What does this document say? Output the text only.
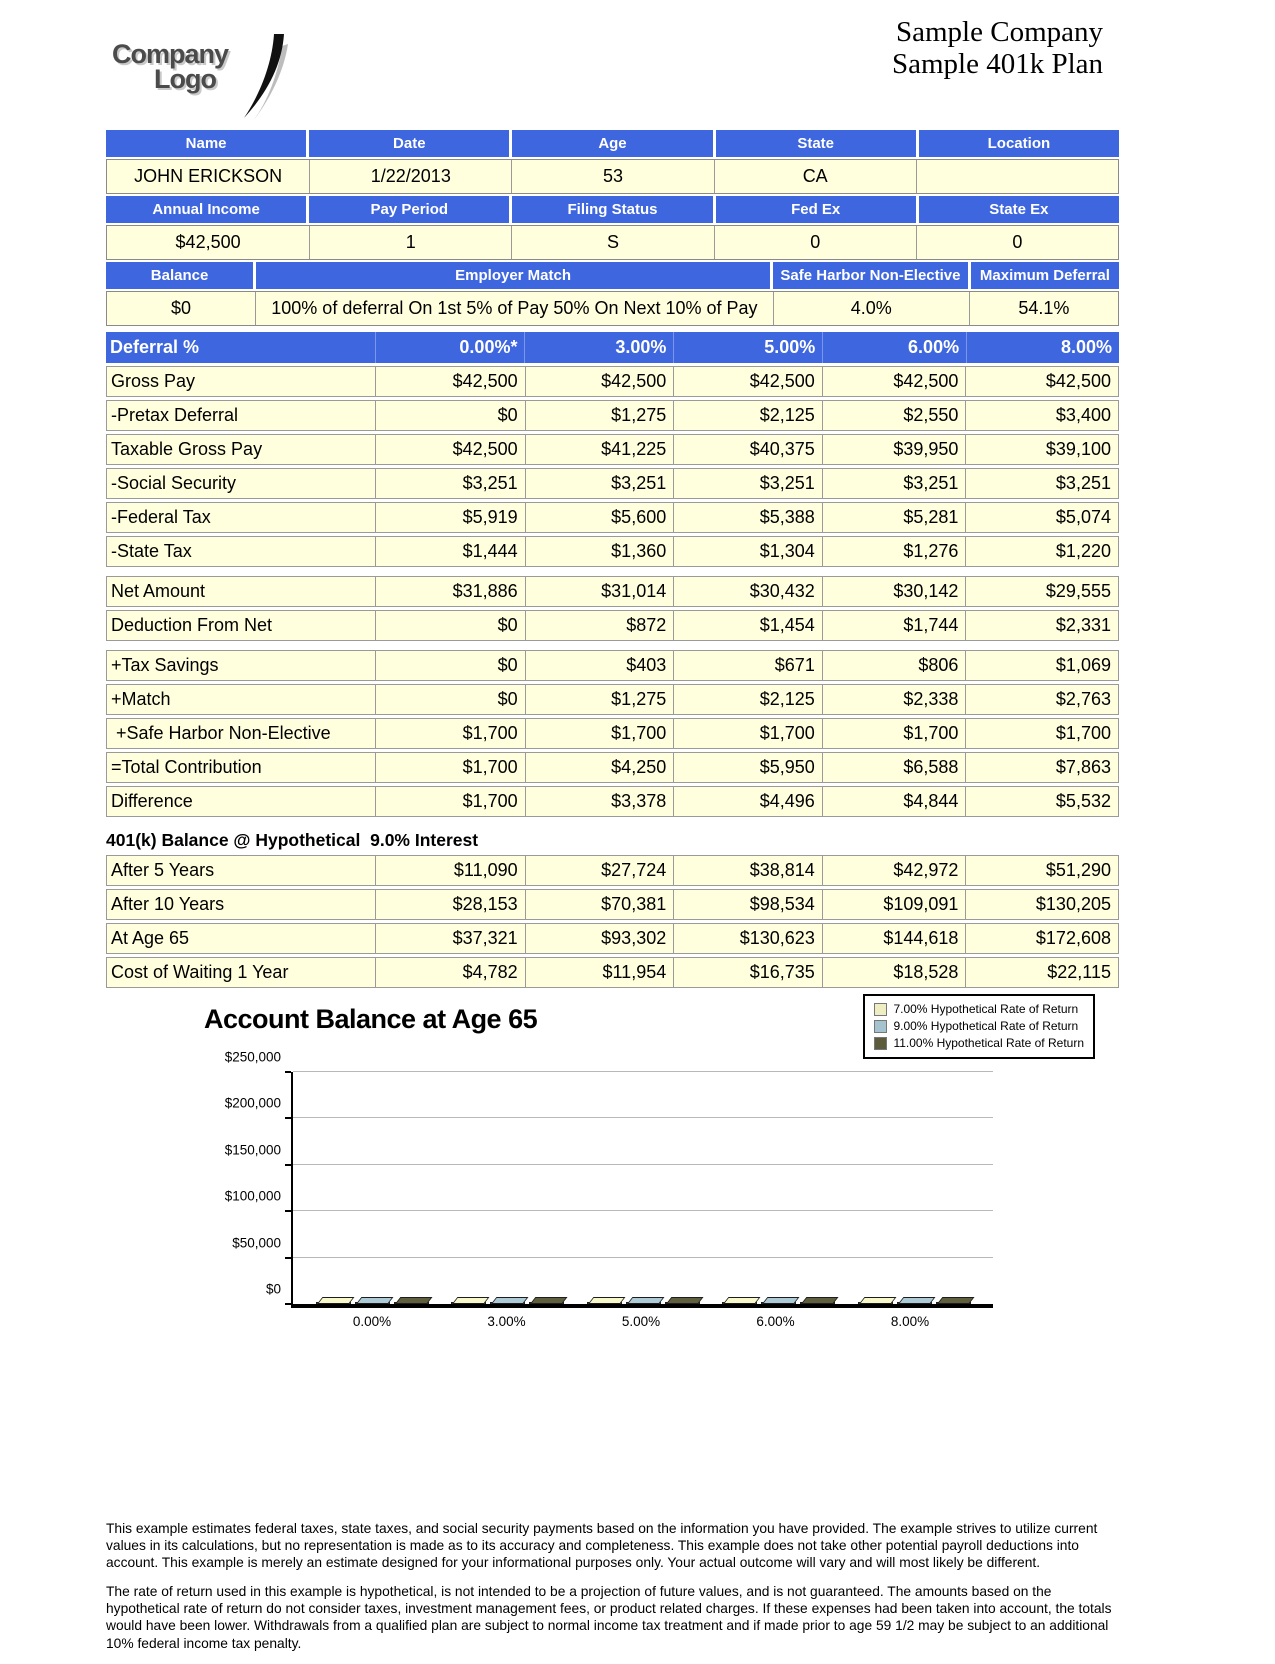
Company
Logo
Sample Company
Sample 401k Plan
Name	Date	Age	State	Location
JOHN ERICKSON	1/22/2013	53	CA
Annual Income	Pay Period	Filing Status	Fed Ex	State Ex
$42,500	1	S	0	0
Balance	Employer Match	Safe Harbor Non-Elective	Maximum Deferral
$0	100% of deferral On 1st 5% of Pay 50% On Next 10% of Pay	4.0%	54.1%
Deferral %	0.00%*	3.00%	5.00%	6.00%	8.00%
Gross Pay	$42,500	$42,500	$42,500	$42,500	$42,500
-Pretax Deferral	$0	$1,275	$2,125	$2,550	$3,400
Taxable Gross Pay	$42,500	$41,225	$40,375	$39,950	$39,100
-Social Security	$3,251	$3,251	$3,251	$3,251	$3,251
-Federal Tax	$5,919	$5,600	$5,388	$5,281	$5,074
-State Tax	$1,444	$1,360	$1,304	$1,276	$1,220
Net Amount	$31,886	$31,014	$30,432	$30,142	$29,555
Deduction From Net	$0	$872	$1,454	$1,744	$2,331
+Tax Savings	$0	$403	$671	$806	$1,069
+Match	$0	$1,275	$2,125	$2,338	$2,763
+Safe Harbor Non-Elective	$1,700	$1,700	$1,700	$1,700	$1,700
=Total Contribution	$1,700	$4,250	$5,950	$6,588	$7,863
Difference	$1,700	$3,378	$4,496	$4,844	$5,532
401(k) Balance @ Hypothetical  9.0% Interest
After 5 Years	$11,090	$27,724	$38,814	$42,972	$51,290
After 10 Years	$28,153	$70,381	$98,534	$109,091	$130,205
At Age 65	$37,321	$93,302	$130,623	$144,618	$172,608
Cost of Waiting 1 Year	$4,782	$11,954	$16,735	$18,528	$22,115
Account Balance at Age 65	7.00% Hypothetical Rate of Return
9.00% Hypothetical Rate of Return
11.00% Hypothetical Rate of Return
$0
$50,000
$100,000
$150,000
$200,000
$250,000
0.00%	3.00%	5.00%	6.00%	8.00%

This example estimates federal taxes, state taxes, and social security payments based on the information you have provided. The example strives to utilize current values in its calculations, but no representation is made as to its accuracy and completeness. This example does not take other potential payroll deductions into account. This example is merely an estimate designed for your informational purposes only. Your actual outcome will vary and will most likely be different.

The rate of return used in this example is hypothetical, is not intended to be a projection of future values, and is not guaranteed. The amounts based on the hypothetical rate of return do not consider taxes, investment management fees, or product related charges. If these expenses had been taken into account, the totals would have been lower. Withdrawals from a qualified plan are subject to normal income tax treatment and if made prior to age 59 1/2 may be subject to an additional 10% federal income tax penalty.
